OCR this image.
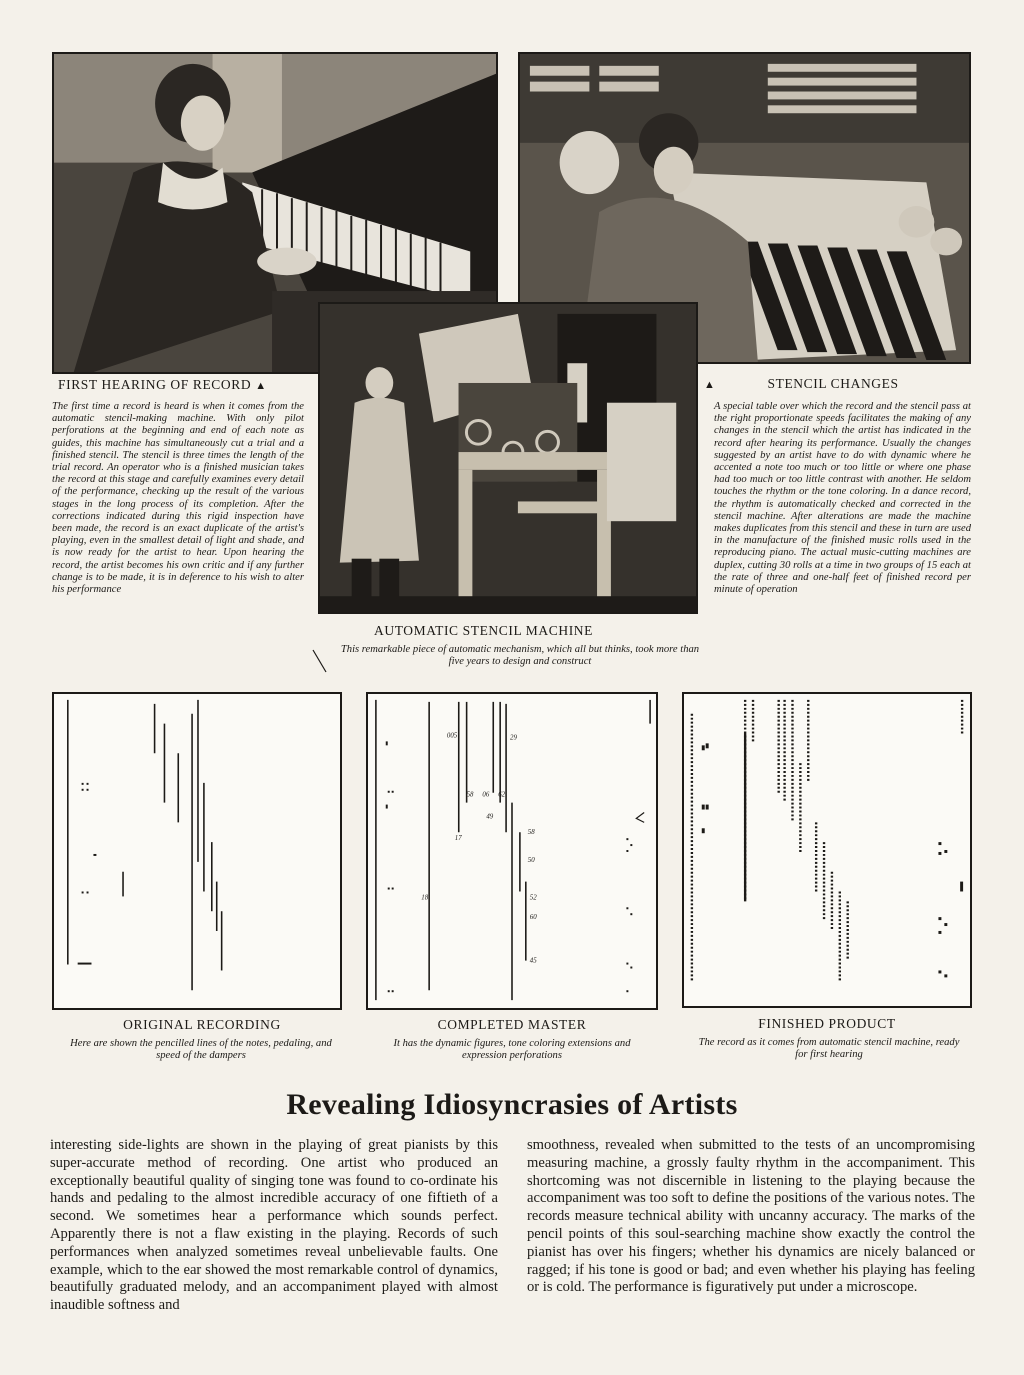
FIRST HEARING OF RECORD ▲
The first time a record is heard is when it comes from the automatic stencil-making machine. With only pilot perforations at the beginning and end of each note as guides, this machine has simultaneously cut a trial and a finished stencil. The stencil is three times the length of the trial record. An operator who is a finished musician takes the record at this stage and carefully examines every detail of the performance, checking up the result of the various stages in the long process of its completion. After the corrections indicated during this rigid inspection have been made, the record is an exact duplicate of the artist's playing, even in the smallest detail of light and shade, and is now ready for the artist to hear. Upon hearing the record, the artist becomes his own critic and if any further change is to be made, it is in deference to his wish to alter his performance
AUTOMATIC STENCIL MACHINE
This remarkable piece of automatic mechanism, which all but thinks, took more than five years to design and construct
▲	STENCIL CHANGES
A special table over which the record and the stencil pass at the right proportionate speeds facilitates the making of any changes in the stencil which the artist has indicated in the record after hearing its performance. Usually the changes suggested by an artist have to do with dynamic where he accented a note too much or too little or where one phase had too much or too little contrast with another. He seldom touches the rhythm or the tone coloring. In a dance record, the rhythm is automatically checked and corrected in the stencil machine. After alterations are made the machine makes duplicates from this stencil and these in turn are used in the manufacture of the finished music rolls used in the reproducing piano. The actual music-cutting machines are duplex, cutting 30 rolls at a time in two groups of 15 each at the rate of three and one-half feet of finished record per minute of operation
005	29
58 06 62
49
17
58
50
18	52
60
45
ORIGINAL RECORDING
Here are shown the pencilled lines of the notes, pedaling, and speed of the dampers
COMPLETED MASTER
It has the dynamic figures, tone coloring extensions and expression perforations
FINISHED PRODUCT
The record as it comes from automatic stencil machine, ready for first hearing
Revealing Idiosyncrasies of Artists
interesting side-lights are shown in the playing of great pianists by this super-accurate method of recording. One artist who produced an exceptionally beautiful quality of singing tone was found to co-ordinate his hands and pedaling to the almost incredible accuracy of one fiftieth of a second. We sometimes hear a performance which sounds perfect. Apparently there is not a flaw existing in the playing. Records of such performances when analyzed sometimes reveal unbelievable faults. One example, which to the ear showed the most remarkable control of dynamics, beautifully graduated melody, and an accompaniment played with almost inaudible softness and
smoothness, revealed when submitted to the tests of an uncompromising measuring machine, a grossly faulty rhythm in the accompaniment. This shortcoming was not discernible in listening to the playing because the accompaniment was too soft to define the positions of the various notes. The records measure technical ability with uncanny accuracy. The marks of the pencil points of this soul-searching machine show exactly the control the pianist has over his fingers; whether his dynamics are nicely balanced or ragged; if his tone is good or bad; and even whether his playing has feeling or is cold. The performance is figuratively put under a microscope.
